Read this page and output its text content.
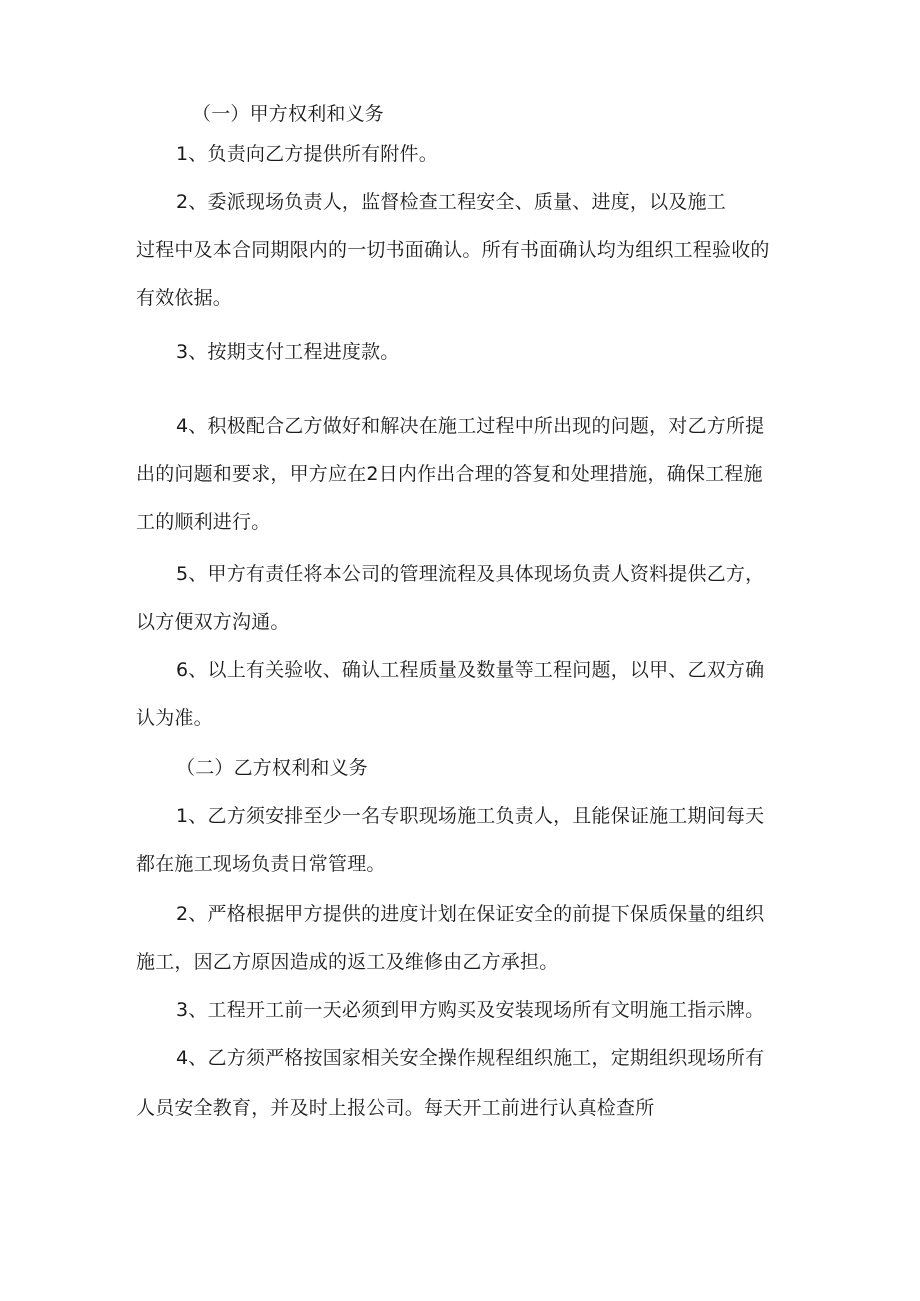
（一）甲方权利和义务

1、负责向乙方提供所有附件。

2、委派现场负责人，监督检查工程安全、质量、进度，以及施工

过程中及本合同期限内的一切书面确认。所有书面确认均为组织工程验收的

有效依据。

3、按期支付工程进度款。

4、积极配合乙方做好和解决在施工过程中所出现的问题，对乙方所提

出的问题和要求，甲方应在2日内作出合理的答复和处理措施，确保工程施

工的顺利进行。

5、甲方有责任将本公司的管理流程及具体现场负责人资料提供乙方，

以方便双方沟通。

6、以上有关验收、确认工程质量及数量等工程问题，以甲、乙双方确

认为准。

（二）乙方权利和义务

1、乙方须安排至少一名专职现场施工负责人，且能保证施工期间每天

都在施工现场负责日常管理。

2、严格根据甲方提供的进度计划在保证安全的前提下保质保量的组织

施工，因乙方原因造成的返工及维修由乙方承担。

3、工程开工前一天必须到甲方购买及安装现场所有文明施工指示牌。

4、乙方须严格按国家相关安全操作规程组织施工，定期组织现场所有

人员安全教育，并及时上报公司。每天开工前进行认真检查所
